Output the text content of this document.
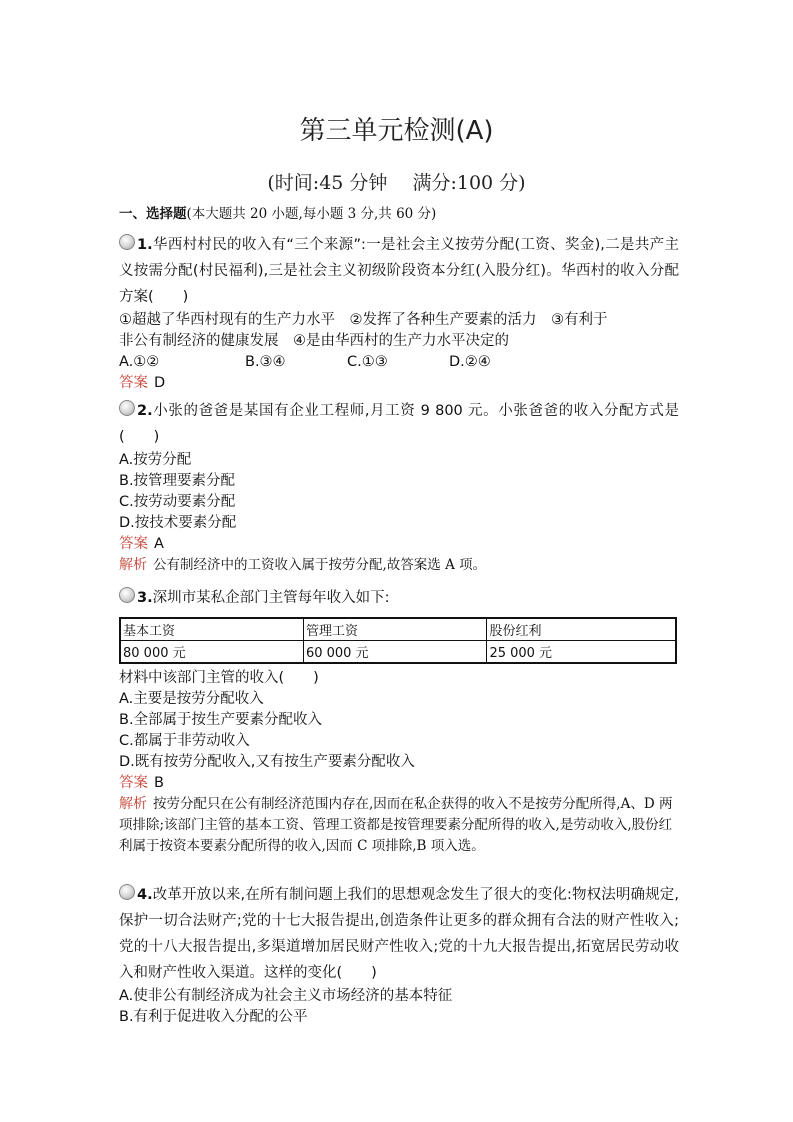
第三单元检测(A)
(时间:45 分钟　 满分:100 分)
一、选择题(本大题共 20 小题,每小题 3 分,共 60 分)
1.华西村村民的收入有“三个来源”:一是社会主义按劳分配(工资、奖金),二是共产主义按需分配(村民福利),三是社会主义初级阶段资本分红(入股分红)。华西村的收入分配方案(　　)
①超越了华西村现有的生产力水平　②发挥了各种生产要素的活力　③有利于
非公有制经济的健康发展　④是由华西村的生产力水平决定的
A.①②	B.③④	C.①③	D.②④
答案 D
2.小张的爸爸是某国有企业工程师,月工资 9 800 元。小张爸爸的收入分配方式是(　　)
A.按劳分配
B.按管理要素分配
C.按劳动要素分配
D.按技术要素分配
答案 A
解析 公有制经济中的工资收入属于按劳分配,故答案选 A 项。
3.深圳市某私企部门主管每年收入如下:
基本工资	管理工资	股份红利
80 000 元	60 000 元	25 000 元
材料中该部门主管的收入(　　)
A.主要是按劳分配收入
B.全部属于按生产要素分配收入
C.都属于非劳动收入
D.既有按劳分配收入,又有按生产要素分配收入
答案 B
解析 按劳分配只在公有制经济范围内存在,因而在私企获得的收入不是按劳分配所得,A、D 两项排除;该部门主管的基本工资、管理工资都是按管理要素分配所得的收入,是劳动收入,股份红利属于按资本要素分配所得的收入,因而 C 项排除,B 项入选。
4.改革开放以来,在所有制问题上我们的思想观念发生了很大的变化:物权法明确规定,保护一切合法财产;党的十七大报告提出,创造条件让更多的群众拥有合法的财产性收入;党的十八大报告提出,多渠道增加居民财产性收入;党的十九大报告提出,拓宽居民劳动收入和财产性收入渠道。这样的变化(　　)
A.使非公有制经济成为社会主义市场经济的基本特征
B.有利于促进收入分配的公平
